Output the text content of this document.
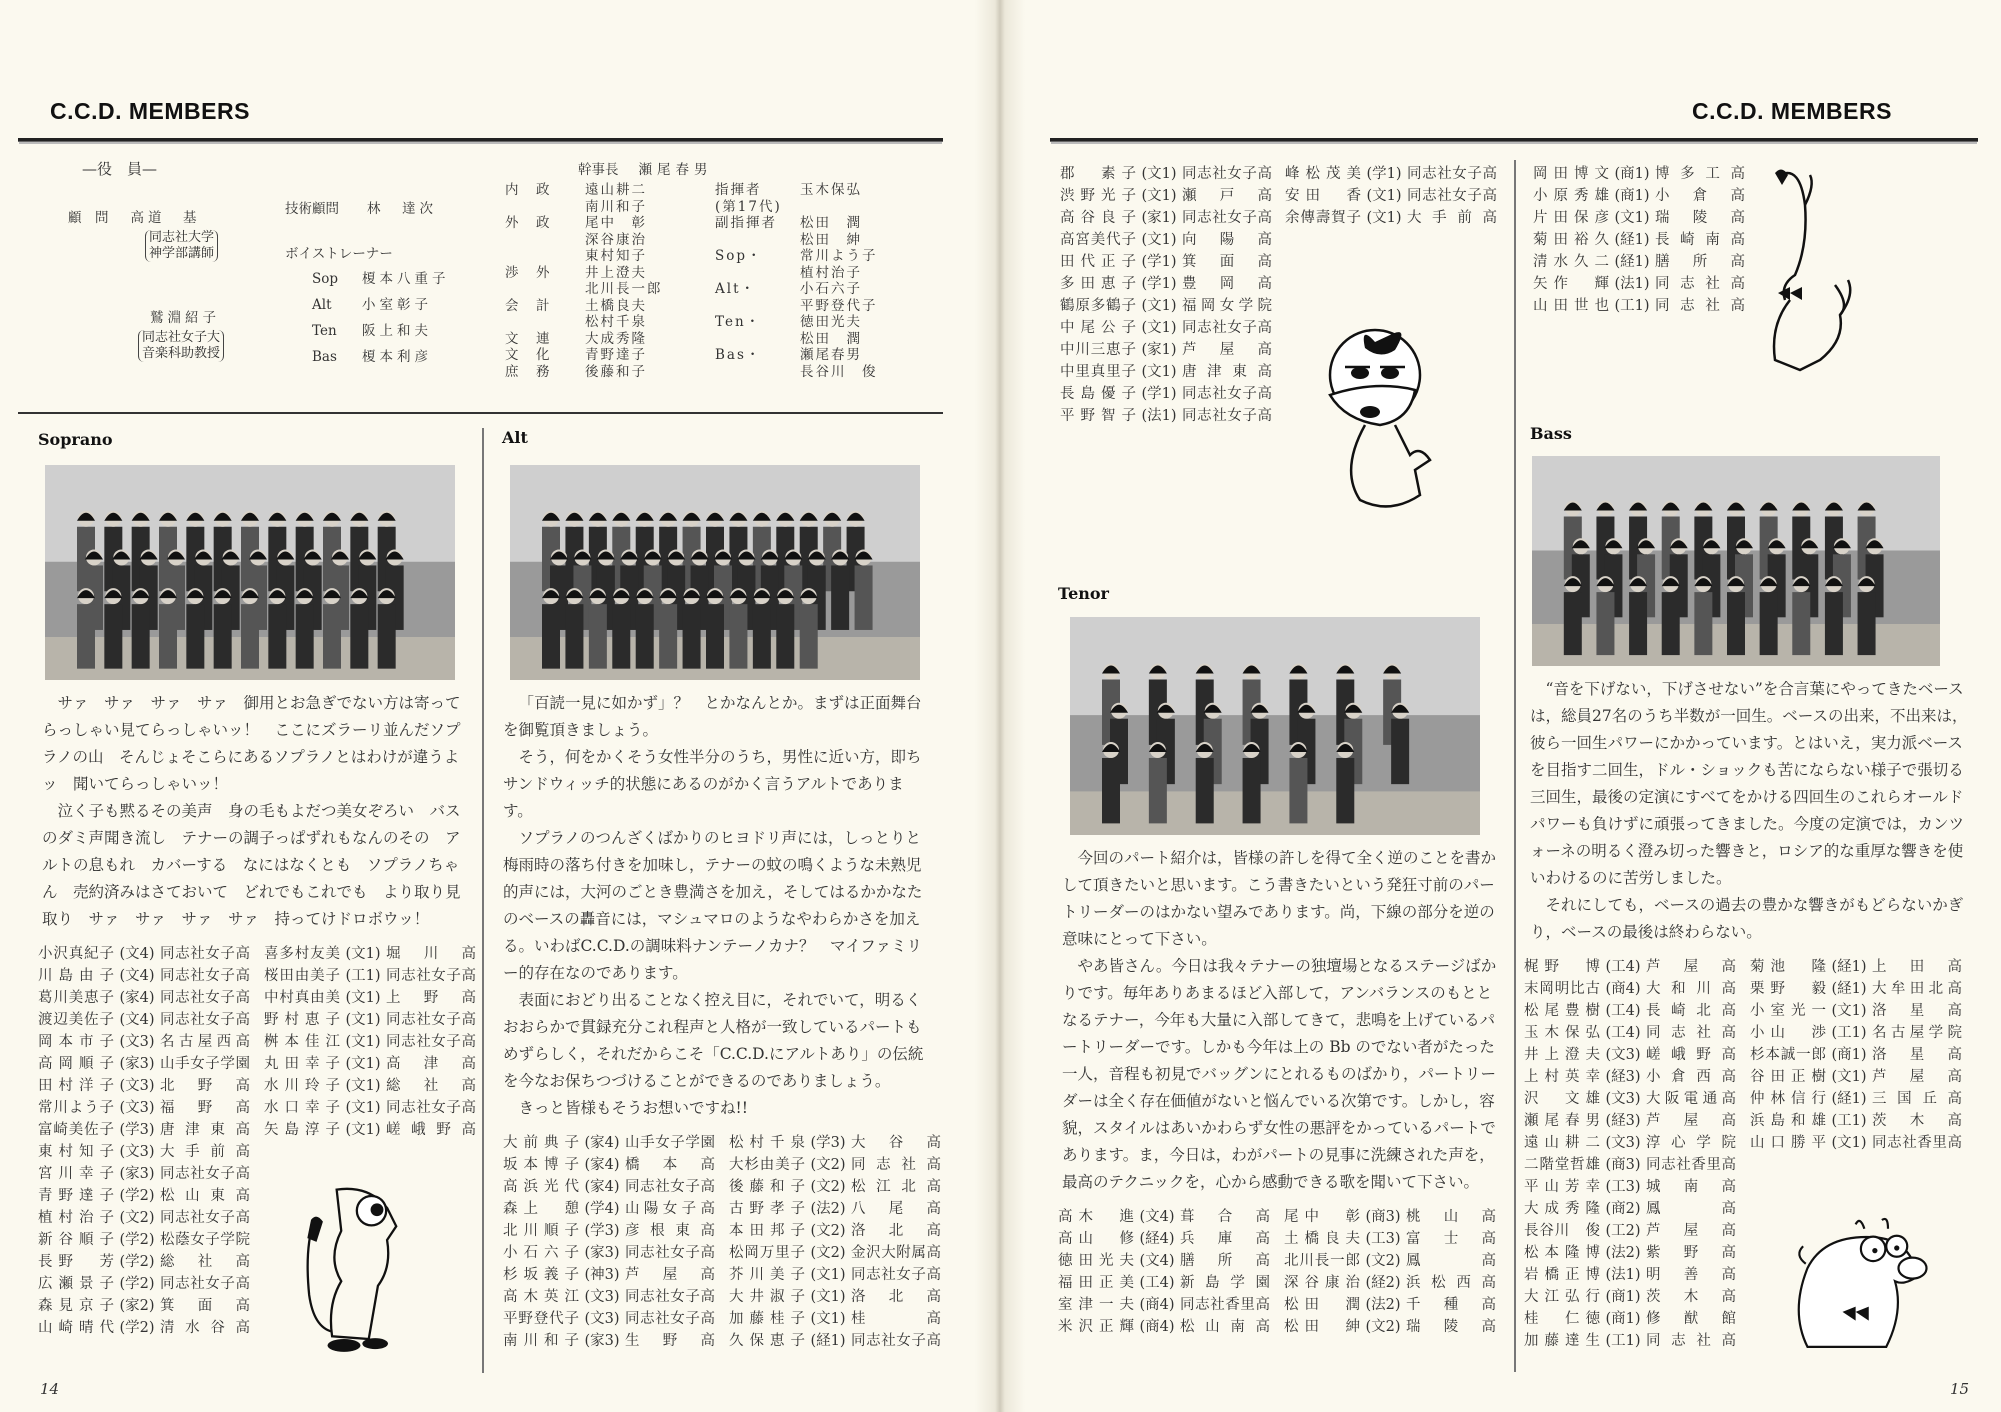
C.C.D. MEMBERS
—役　員—
顧　問 高道　基
同志社大学
神学部講師
鷲淵紹子
同志社女子大
音楽科助教授
技術顧問 林　達次
ボイストレーナー
Sop	榎本八重子
Alt	小室彰子
Ten	阪上和夫
Bas	榎本利彦
幹事長 瀬尾春男
内　政	遠山耕二	指揮者	玉木保弘
南川和子	(第17代)
外　政	尾中　彰	副指揮者	松田　潤
深谷康治	松田　紳
東村知子	Sop・	常川よう子
渉　外	井上澄夫	植村治子
北川長一郎	Alt・	小石六子
会　計	土橋良夫	平野登代子
松村千泉	Ten・	徳田光夫
文　連	大成秀隆	松田　潤
文　化	青野達子	Bas・	瀬尾春男
庶　務	後藤和子	長谷川　俊
Soprano

サァ　サァ　サァ　サァ　御用とお急ぎでない方は寄ってらっしゃい見てらっしゃいッ！　ここにズラーリ並んだソプラノの山　そんじょそこらにあるソプラノとはわけが違うよッ　聞いてらっしゃいッ！

泣く子も黙るその美声　身の毛もよだつ美女ぞろい　バスのダミ声聞き流し　テナーの調子っぱずれもなんのその　アルトの息もれ　カバーする　なにはなくとも　ソプラノちゃん　売約済みはさておいて　どれでもこれでも　より取り見取り　サァ　サァ　サァ　サァ　持ってけドロボウッ！

小沢真紀子 (文4) 同志社女子高
川島由子 (文4) 同志社女子高
葛川美恵子 (家4) 同志社女子高
渡辺美佐子 (文4) 同志社女子高
岡本市子 (文3) 名古屋西高
高岡順子 (家3) 山手女子学園
田村洋子 (文3) 北野高
常川よう子 (文3) 福野高
富崎美佐子 (学3) 唐津東高
東村知子 (文3) 大手前高
宮川幸子 (家3) 同志社女子高
青野達子 (学2) 松山東高
植村治子 (文2) 同志社女子高
新谷順子 (学2) 松蔭女子学院
長野　芳 (学2) 総社高
広瀬景子 (学2) 同志社女子高
森見京子 (家2) 箕面高
山崎晴代 (学2) 清水谷高
喜多村友美 (文1) 堀川高
桜田由美子 (工1) 同志社女子高
中村真由美 (文1) 上野高
野村恵子 (文1) 同志社女子高
桝本佳江 (文1) 同志社女子高
丸田幸子 (文1) 高津高
水川玲子 (文1) 総社高
水口幸子 (文1) 同志社女子高
矢島淳子 (文1) 嵯峨野高
14
Alt

「百読一見に如かず」？　とかなんとか。まずは正面舞台を御覧頂きましょう。

そう，何をかくそう女性半分のうち，男性に近い方，即ちサンドウィッチ的状態にあるのがかく言うアルトであります。

ソプラノのつんざくばかりのヒヨドリ声には，しっとりと梅雨時の落ち付きを加味し，テナーの蚊の鳴くような未熟児的声には，大河のごとき豊満さを加え，そしてはるかかなたのベースの轟音には，マシュマロのようなやわらかさを加える。いわばC.C.D.の調味料ナンテーノカナ？　マイファミリー的存在なのであります。

表面におどり出ることなく控え目に，それでいて，明るくおおらかで貫録充分これ程声と人格が一致しているパートもめずらしく，それだからこそ「C.C.D.にアルトあり」の伝統を今なお保ちつづけることができるのでありましょう。

きっと皆様もそうお想いですね!!

大前典子 (家4) 山手女子学園
坂本博子 (家4) 橋本高
高浜光代 (家4) 同志社女子高
森上　憩 (学4) 山陽女子高
北川順子 (学3) 彦根東高
小石六子 (家3) 同志社女子高
杉坂義子 (神3) 芦屋高
高木英江 (文3) 同志社女子高
平野登代子 (文3) 同志社女子高
南川和子 (家3) 生野高
松村千泉 (学3) 大谷高
大杉由美子 (文2) 同志社高
後藤和子 (文2) 松江北高
古野孝子 (法2) 八尾高
本田邦子 (文2) 洛北高
松岡万里子 (文2) 金沢大附属高
芥川美子 (文1) 同志社女子高
大井淑子 (文1) 洛北高
加藤桂子 (文1) 桂高
久保恵子 (経1) 同志社女子高
C.C.D. MEMBERS
郡　素子 (文1) 同志社女子高
渋野光子 (文1) 瀬戸高
高谷良子 (家1) 同志社女子高
高宮美代子 (文1) 向陽高
田代正子 (学1) 箕面高
多田恵子 (学1) 豊岡高
鶴原多鶴子 (文1) 福岡女学院
中尾公子 (文1) 同志社女子高
中川三恵子 (家1) 芦屋高
中里真里子 (文1) 唐津東高
長島優子 (学1) 同志社女子高
平野智子 (法1) 同志社女子高
峰松茂美 (学1) 同志社女子高
安田　香 (文1) 同志社女子高
余傳壽賀子 (文1) 大手前高
岡田博文 (商1) 博多工高
小原秀雄 (商1) 小倉高
片田保彦 (文1) 瑞陵高
菊田裕久 (経1) 長崎南高
清水久二 (経1) 膳所高
矢作　輝 (法1) 同志社高
山田世也 (工1) 同志社高
Bass

“音を下げない，下げさせない”を合言葉にやってきたベースは，総員27名のうち半数が一回生。ベースの出来，不出来は，彼ら一回生パワーにかかっています。とはいえ，実力派ベースを目指す二回生，ドル・ショックも苦にならない様子で張切る三回生，最後の定演にすべてをかける四回生のこれらオールドパワーも負けずに頑張ってきました。今度の定演では，カンツォーネの明るく澄み切った響きと，ロシア的な重厚な響きを使いわけるのに苦労しました。

それにしても，ベースの過去の豊かな響きがもどらないかぎり，ベースの最後は終わらない。

梶野　博 (工4) 芦屋高
末岡明比古 (商4) 大和川高
松尾豊樹 (工4) 長崎北高
玉木保弘 (工4) 同志社高
井上澄夫 (文3) 嵯峨野高
上村英幸 (経3) 小倉西高
沢　文雄 (文3) 大阪電通高
瀬尾春男 (経3) 芦屋高
遠山耕二 (文3) 淳心学院
二階堂哲雄 (商3) 同志社香里高
平山芳幸 (工3) 城南高
大成秀隆 (商2) 鳳　　高
長谷川　俊 (工2) 芦屋高
松本隆博 (法2) 紫野高
岩橋正博 (法1) 明善高
大江弘行 (商1) 茨木高
桂　仁徳 (商1) 修猷館
加藤達生 (工1) 同志社高
菊池　隆 (経1) 上田高
栗野　毅 (経1) 大牟田北高
小室光一 (文1) 洛星高
小山　渉 (工1) 名古屋学院
杉本誠一郎 (商1) 洛星高
谷田正樹 (文1) 芦屋高
仲林信行 (経1) 三国丘高
浜島和雄 (工1) 茨木高
山口勝平 (文1) 同志社香里高
15
Tenor

今回のパート紹介は，皆様の許しを得て全く逆のことを書かして頂きたいと思います。こう書きたいという発狂寸前のパートリーダーのはかない望みであります。尚，下線の部分を逆の意味にとって下さい。

やあ皆さん。今日は我々テナーの独壇場となるステージばかりです。毎年ありあまるほど入部して，アンバランスのもととなるテナー，今年も大量に入部してきて，悲鳴を上げているパートリーダーです。しかも今年は上の Bb のでない者がたった一人，音程も初見でバッグンにとれるものばかり，パートリーダーは全く存在価値がないと悩んでいる次第です。しかし，容貌，スタイルはあいかわらず女性の悪評をかっているパートであります。ま，今日は，わがパートの見事に洗練された声を，最高のテクニックを，心から感動できる歌を聞いて下さい。

高木　進 (文4) 葺合高
高山　修 (経4) 兵庫高
徳田光夫 (文4) 膳所高
福田正美 (工4) 新島学園
室津一夫 (商4) 同志社香里高
米沢正輝 (商4) 松山南高
尾中　彰 (商3) 桃山高
土橋良夫 (工3) 富士高
北川長一郎 (文2) 鳳　　高
深谷康治 (経2) 浜松西高
松田　潤 (法2) 千種高
松田　紳 (文2) 瑞陵高
